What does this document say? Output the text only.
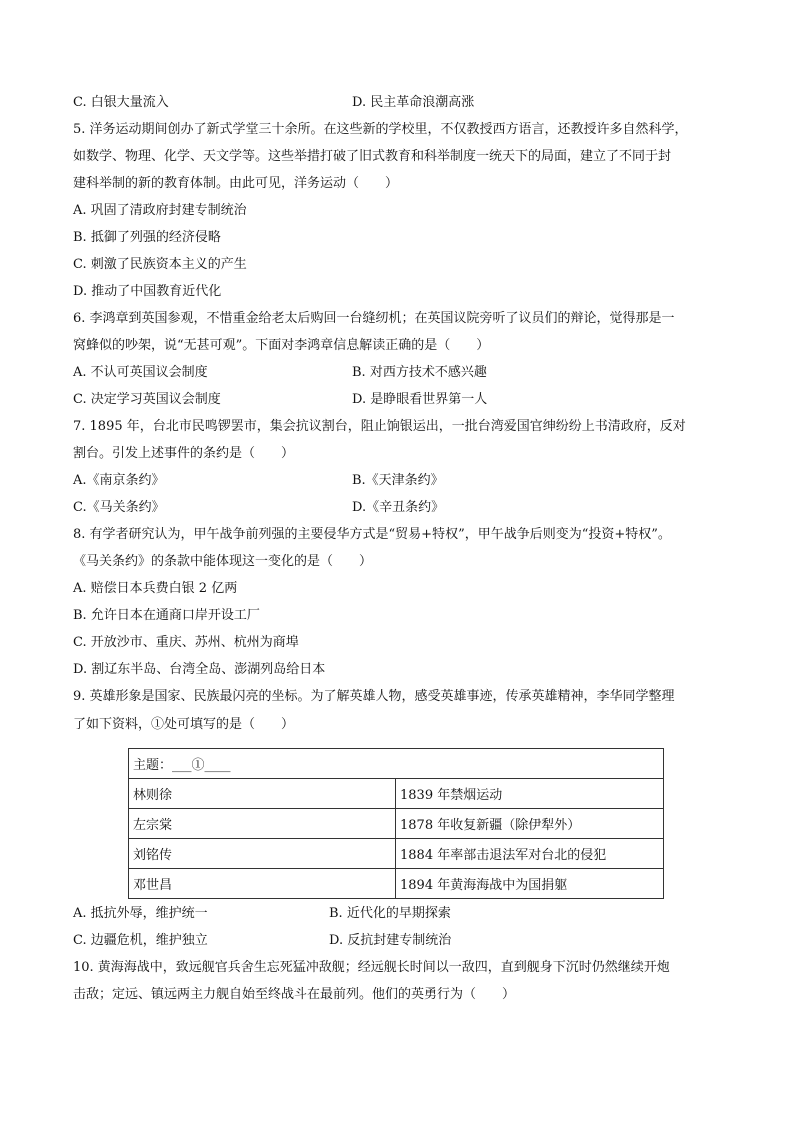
C. 白银大量流入	D. 民主革命浪潮高涨
5. 洋务运动期间创办了新式学堂三十余所。在这些新的学校里，不仅教授西方语言，还教授许多自然科学，
如数学、物理、化学、天文学等。这些举措打破了旧式教育和科举制度一统天下的局面，建立了不同于封
建科举制的新的教育体制。由此可见，洋务运动（　　）
A. 巩固了清政府封建专制统治
B. 抵御了列强的经济侵略
C. 刺激了民族资本主义的产生
D. 推动了中国教育近代化
6. 李鸿章到英国参观，不惜重金给老太后购回一台缝纫机；在英国议院旁听了议员们的辩论，觉得那是一
窝蜂似的吵架，说“无甚可观”。下面对李鸿章信息解读正确的是（　　）
A. 不认可英国议会制度	B. 对西方技术不感兴趣
C. 决定学习英国议会制度	D. 是睁眼看世界第一人
7. 1895 年，台北市民鸣锣罢市，集会抗议割台，阻止饷银运出，一批台湾爱国官绅纷纷上书清政府，反对
割台。引发上述事件的条约是（　　）
A.《南京条约》	B.《天津条约》
C.《马关条约》	D.《辛丑条约》
8. 有学者研究认为，甲午战争前列强的主要侵华方式是“贸易+特权”，甲午战争后则变为“投资+特权”。
《马关条约》的条款中能体现这一变化的是（　　）
A. 赔偿日本兵费白银 2 亿两
B. 允许日本在通商口岸开设工厂
C. 开放沙市、重庆、苏州、杭州为商埠
D. 割辽东半岛、台湾全岛、澎湖列岛给日本
9. 英雄形象是国家、民族最闪亮的坐标。为了解英雄人物，感受英雄事迹，传承英雄精神，李华同学整理
了如下资料，①处可填写的是（　　）
主题：___①____	
林则徐	1839 年禁烟运动
左宗棠	1878 年收复新疆（除伊犁外）
刘铭传	1884 年率部击退法军对台北的侵犯
邓世昌	1894 年黄海海战中为国捐躯
A. 抵抗外辱，维护统一	B. 近代化的早期探索
C. 边疆危机，维护独立	D. 反抗封建专制统治
10. 黄海海战中，致远舰官兵舍生忘死猛冲敌舰；经远舰长时间以一敌四，直到舰身下沉时仍然继续开炮
击敌；定远、镇远两主力舰自始至终战斗在最前列。他们的英勇行为（　　）
